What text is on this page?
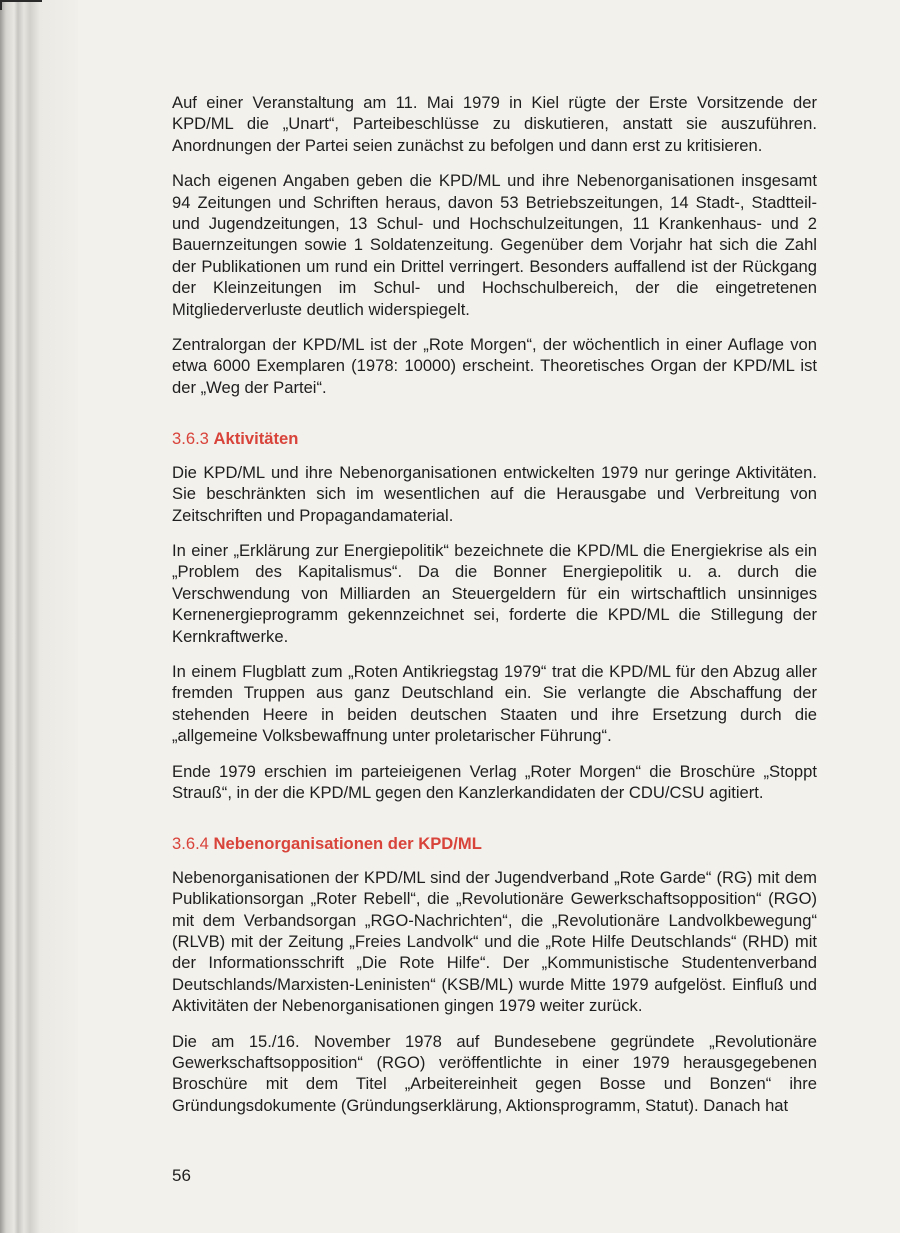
Auf einer Veranstaltung am 11. Mai 1979 in Kiel rügte der Erste Vorsitzende der KPD/ML die „Unart“, Parteibeschlüsse zu diskutieren, anstatt sie auszuführen. Anordnungen der Partei seien zunächst zu befolgen und dann erst zu kritisieren.

Nach eigenen Angaben geben die KPD/ML und ihre Nebenorganisationen insgesamt 94 Zeitungen und Schriften heraus, davon 53 Betriebszeitungen, 14 Stadt-, Stadtteil- und Jugendzeitungen, 13 Schul- und Hochschulzeitungen, 11 Krankenhaus- und 2 Bauernzeitungen sowie 1 Soldatenzeitung. Gegenüber dem Vorjahr hat sich die Zahl der Publikationen um rund ein Drittel verringert. Besonders auffallend ist der Rückgang der Kleinzeitungen im Schul- und Hochschulbereich, der die eingetretenen Mitgliederverluste deutlich widerspiegelt.

Zentralorgan der KPD/ML ist der „Rote Morgen“, der wöchentlich in einer Auflage von etwa 6000 Exemplaren (1978: 10000) erscheint. Theoretisches Organ der KPD/ML ist der „Weg der Partei“.

3.6.3 Aktivitäten

Die KPD/ML und ihre Nebenorganisationen entwickelten 1979 nur geringe Aktivitäten. Sie beschränkten sich im wesentlichen auf die Herausgabe und Verbreitung von Zeitschriften und Propagandamaterial.

In einer „Erklärung zur Energiepolitik“ bezeichnete die KPD/ML die Energiekrise als ein „Problem des Kapitalismus“. Da die Bonner Energiepolitik u. a. durch die Verschwendung von Milliarden an Steuergeldern für ein wirtschaftlich unsinniges Kernenergieprogramm gekennzeichnet sei, forderte die KPD/ML die Stillegung der Kernkraftwerke.

In einem Flugblatt zum „Roten Antikriegstag 1979“ trat die KPD/ML für den Abzug aller fremden Truppen aus ganz Deutschland ein. Sie verlangte die Abschaffung der stehenden Heere in beiden deutschen Staaten und ihre Ersetzung durch die „allgemeine Volksbewaffnung unter proletarischer Führung“.

Ende 1979 erschien im parteieigenen Verlag „Roter Morgen“ die Broschüre „Stoppt Strauß“, in der die KPD/ML gegen den Kanzlerkandidaten der CDU/CSU agitiert.

3.6.4 Nebenorganisationen der KPD/ML

Nebenorganisationen der KPD/ML sind der Jugendverband „Rote Garde“ (RG) mit dem Publikationsorgan „Roter Rebell“, die „Revolutionäre Gewerkschaftsopposition“ (RGO) mit dem Verbandsorgan „RGO-Nachrichten“, die „Revolutionäre Landvolkbewegung“ (RLVB) mit der Zeitung „Freies Landvolk“ und die „Rote Hilfe Deutschlands“ (RHD) mit der Informationsschrift „Die Rote Hilfe“. Der „Kommunistische Studentenverband Deutschlands/Marxisten-Leninisten“ (KSB/ML) wurde Mitte 1979 aufgelöst. Einfluß und Aktivitäten der Nebenorganisationen gingen 1979 weiter zurück.

Die am 15./16. November 1978 auf Bundesebene gegründete „Revolutionäre Gewerkschaftsopposition“ (RGO) veröffentlichte in einer 1979 herausgegebenen Broschüre mit dem Titel „Arbeitereinheit gegen Bosse und Bonzen“ ihre Gründungsdokumente (Gründungserklärung, Aktionsprogramm, Statut). Danach hat

56
